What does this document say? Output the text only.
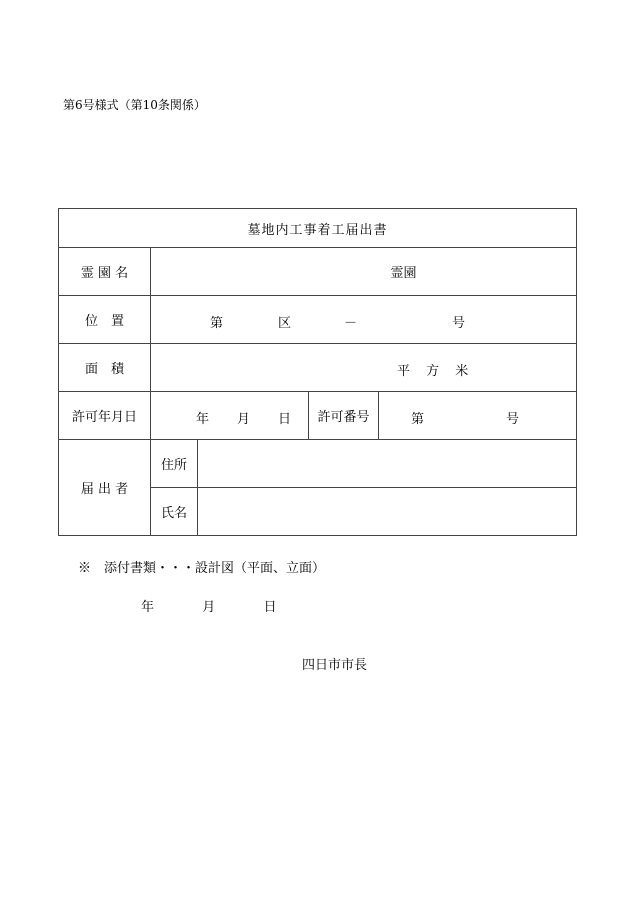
第6号様式（第10条関係）
墓地内工事着工届出書				
霊 園 名	霊園			
位　置	第 区 － 号			

面　積	平 方 米			

許可年月日	年 月 日		許可番号	第 号

届 出 者	住所			
	氏名			
※　添付書類・・・設計図（平面、立面）
年	月	日
四日市市長
